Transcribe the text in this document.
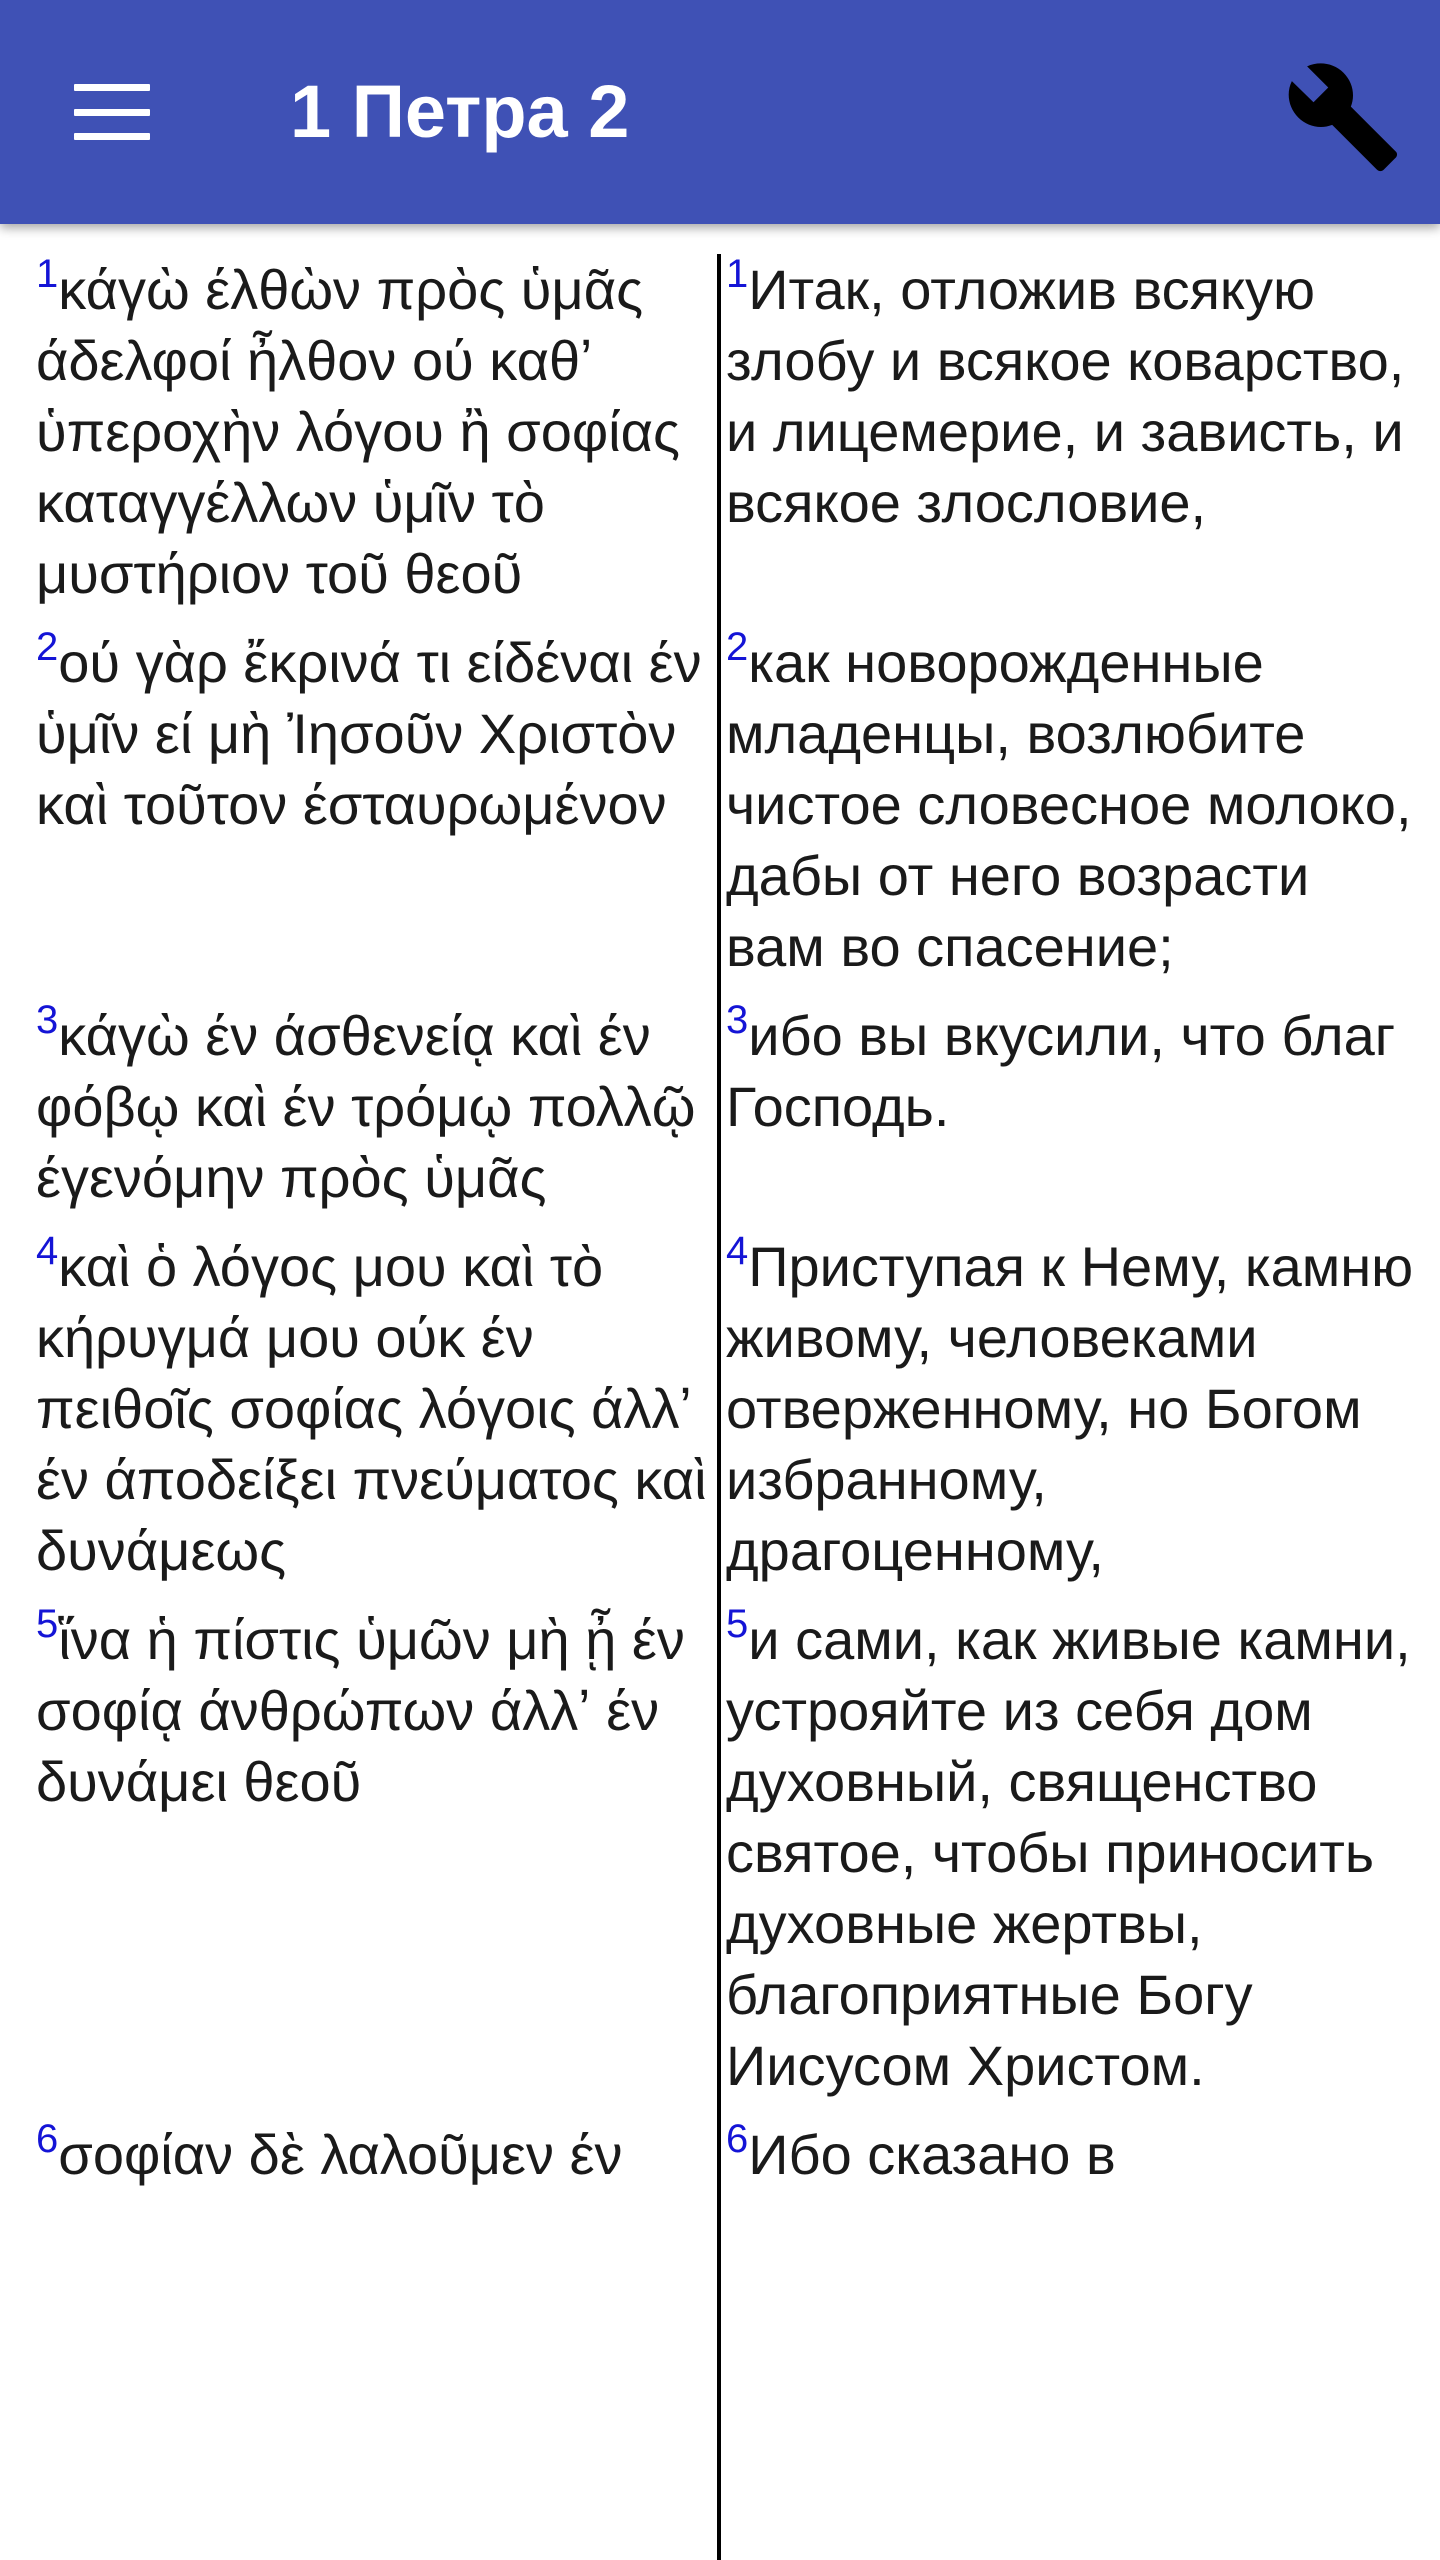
1 Петра 2
$^1$κάγὼ έλθὼν πρὸς ὑμᾶς άδελφοί ἦλθον ού καθʼ ὑπεροχὴν λόγου ἢ σοφίας καταγγέλλων ὑμῖν τὸ μυστήριον τοῦ θεοῦ
$^1$Итак, отложив всякую злобу и всякое коварство, и лицемерие, и зависть, и всякое злословие,
$^2$ού γὰρ ἔκρινά τι είδέναι έν ὑμῖν εί μὴ Ἰησοῦν Χριστὸν καὶ τοῦτον έσταυρωμένον
$^2$как новорожденные младенцы, возлюбите чистое словесное молоко, дабы от него возрасти вам во спасение;
$^3$κάγὼ έν άσθενείᾳ καὶ έν φόβῳ καὶ έν τρόμῳ πολλῷ έγενόμην πρὸς ὑμᾶς
$^3$ибо вы вкусили, что благ Господь.
$^4$καὶ ὁ λόγος μου καὶ τὸ κήρυγμά μου ούκ έν πειθοῖς σοφίας λόγοις άλλʼ έν άποδείξει πνεύματος καὶ δυνάμεως
$^4$Приступая к Нему, камню живому, человеками отверженному, но Богом избранному, драгоценному,
$^5$ἵνα ἡ πίστις ὑμῶν μὴ ᾖ έν σοφίᾳ άνθρώπων άλλʼ έν δυνάμει θεοῦ
$^5$и сами, как живые камни, устрояйте из себя дом духовный, священство святое, чтобы приносить духовные жертвы, благоприятные Богу Иисусом Христом.
$^6$σοφίαν δὲ λαλοῦμεν έν	$^6$Ибо сказано в
